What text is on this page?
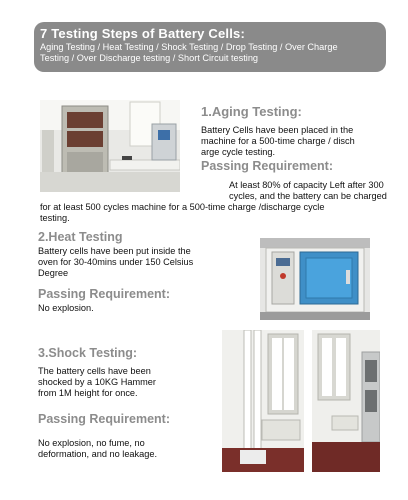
7 Testing Steps of Battery Cells:
Aging Testing / Heat Testing / Shock Testing / Drop Testing / Over Charge
Testing / Over Discharge testing / Short Circuit testing
1.Aging Testing:
Battery Cells have been placed in the
machine for a 500-time charge / disch
arge cycle testing.
Passing Requirement:
At least 80% of capacity Left after 300
cycles, and the battery can be charged
for at least 500 cycles machine for a 500-time charge /discharge cycle
testing.
2.Heat Testing
Battery cells have been put inside the
oven for 30-40mins under 150 Celsius
Degree
Passing Requirement:
No explosion.
3.Shock Testing:
The battery cells have been
shocked by a 10KG Hammer
from 1M height for once.
Passing Requirement:
No explosion, no fume, no
deformation, and no leakage.
